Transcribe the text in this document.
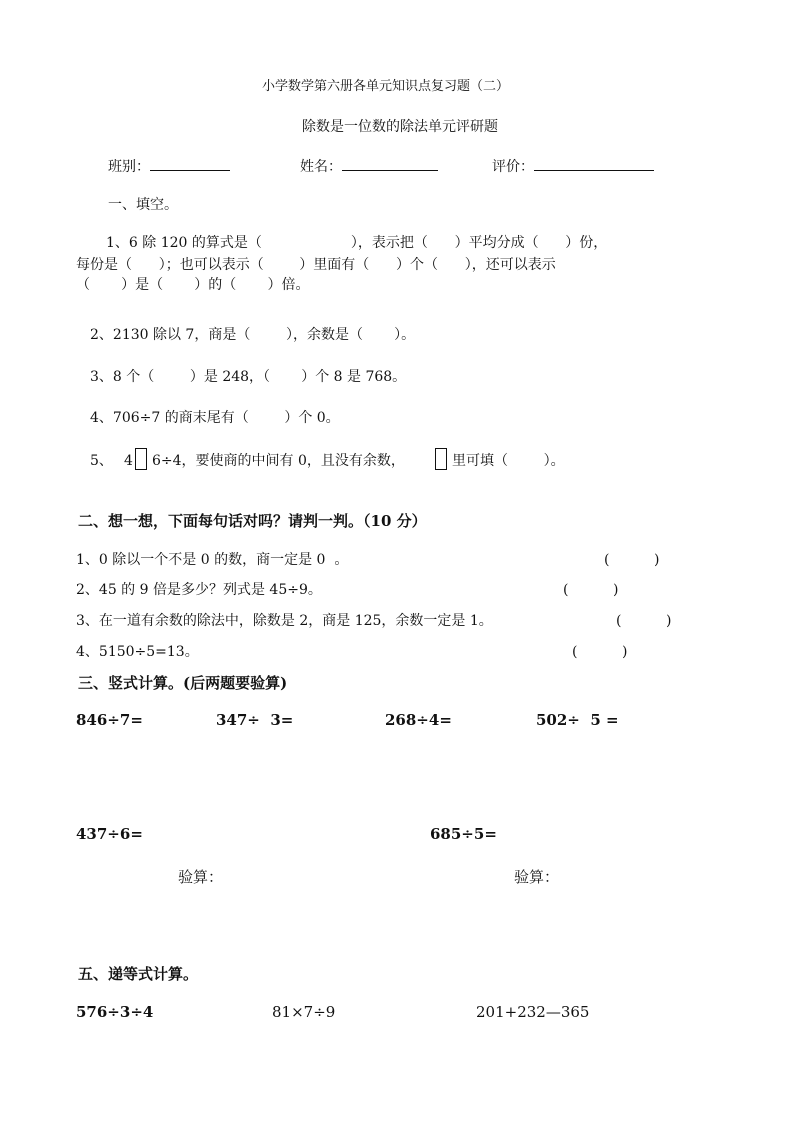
小学数学第六册各单元知识点复习题（二）
除数是一位数的除法单元评研题
班别：	姓名：	评价：
一、填空。
1、6 除 120 的算式是（                    ），表示把（      ）平均分成（      ）份，
每份是（      ）；也可以表示（        ）里面有（      ）个（      ），还可以表示
（       ）是（       ）的（       ）倍。
2、2130 除以 7，商是（        ），余数是（       ）。
3、8 个（        ）是 248，（       ）个 8 是 768。
4、706÷7 的商末尾有（        ）个 0。
5、 4 6÷4，要使商的中间有 0，且没有余数，	里可填（        ）。
二、想一想，下面每句话对吗？请判一判。（10 分）
1、0 除以一个不是 0 的数，商一定是 0  。	(          )
2、45 的 9 倍是多少？列式是 45÷9。	(          )
3、在一道有余数的除法中，除数是 2，商是 125，余数一定是 1。	(          )
4、5150÷5=13。	(          )
三、竖式计算。(后两题要验算)
846÷7=	347÷  3=	268÷4=	502÷  5 =
437÷6=	685÷5=
验算：	验算：
五、递等式计算。
576÷3÷4	81×7÷9	201+232—365
